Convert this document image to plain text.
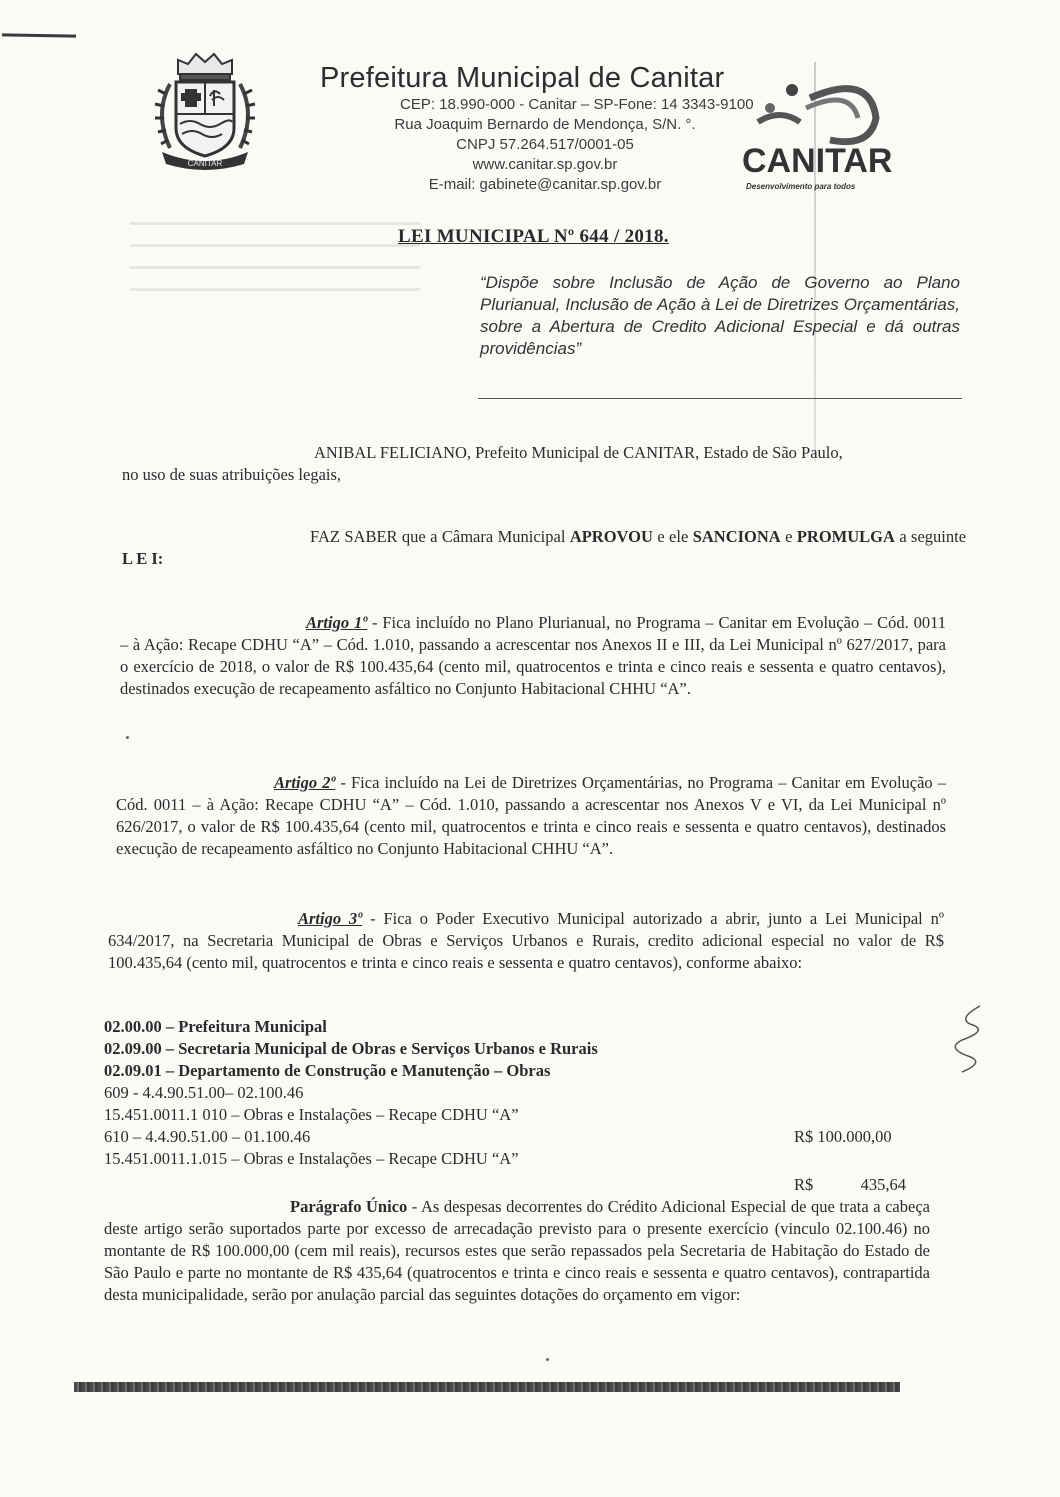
CANITAR
Prefeitura Municipal de Canitar
CEP: 18.990-000 - Canitar – SP-Fone: 14 3343-9100
Rua Joaquim Bernardo de Mendonça, S/N. °.
CNPJ 57.264.517/0001-05
www.canitar.sp.gov.br
E-mail: gabinete@canitar.sp.gov.br
CANITAR
Desenvolvimento para todos
LEI MUNICIPAL Nº 644 / 2018.
“Dispõe sobre Inclusão de Ação de Governo ao Plano Plurianual, Inclusão de Ação à Lei de Diretrizes Orçamentárias, sobre a Abertura de Credito Adicional Especial e dá outras providências”
ANIBAL FELICIANO, Prefeito Municipal de CANITAR, Estado de São Paulo,
no uso de suas atribuições legais,
FAZ SABER que a Câmara Municipal APROVOU e ele SANCIONA e PROMULGA a seguinte L E I:
Artigo 1º - Fica incluído no Plano Plurianual, no Programa – Canitar em Evolução – Cód. 0011 – à Ação: Recape CDHU “A” – Cód. 1.010, passando a acrescentar nos Anexos II e III, da Lei Municipal nº 627/2017, para o exercício de 2018, o valor de R$ 100.435,64 (cento mil, quatrocentos e trinta e cinco reais e sessenta e quatro centavos), destinados execução de recapeamento asfáltico no Conjunto Habitacional CHHU “A”.
Artigo 2º - Fica incluído na Lei de Diretrizes Orçamentárias, no Programa – Canitar em Evolução – Cód. 0011 – à Ação: Recape CDHU “A” – Cód. 1.010, passando a acrescentar nos Anexos V e VI, da Lei Municipal nº 626/2017, o valor de R$ 100.435,64 (cento mil, quatrocentos e trinta e cinco reais e sessenta e quatro centavos), destinados execução de recapeamento asfáltico no Conjunto Habitacional CHHU “A”.
Artigo 3º - Fica o Poder Executivo Municipal autorizado a abrir, junto a Lei Municipal nº 634/2017, na Secretaria Municipal de Obras e Serviços Urbanos e Rurais, credito adicional especial no valor de R$ 100.435,64 (cento mil, quatrocentos e trinta e cinco reais e sessenta e quatro centavos), conforme abaixo:
02.00.00 – Prefeitura Municipal
02.09.00 – Secretaria Municipal de Obras e Serviços Urbanos e Rurais
02.09.01 – Departamento de Construção e Manutenção – Obras
609 - 4.4.90.51.00– 02.100.46
15.451.0011.1 010 – Obras e Instalações – Recape CDHU “A”
610 – 4.4.90.51.00 – 01.100.46	R$ 100.000,00
15.451.0011.1.015 – Obras e Instalações – Recape CDHU “A”
R$	435,64
Parágrafo Único - As despesas decorrentes do Crédito Adicional Especial de que trata a cabeça deste artigo serão suportados parte por excesso de arrecadação previsto para o presente exercício (vinculo 02.100.46) no montante de R$ 100.000,00 (cem mil reais), recursos estes que serão repassados pela Secretaria de Habitação do Estado de São Paulo e parte no montante de R$ 435,64 (quatrocentos e trinta e cinco reais e sessenta e quatro centavos), contrapartida desta municipalidade, serão por anulação parcial das seguintes dotações do orçamento em vigor:
